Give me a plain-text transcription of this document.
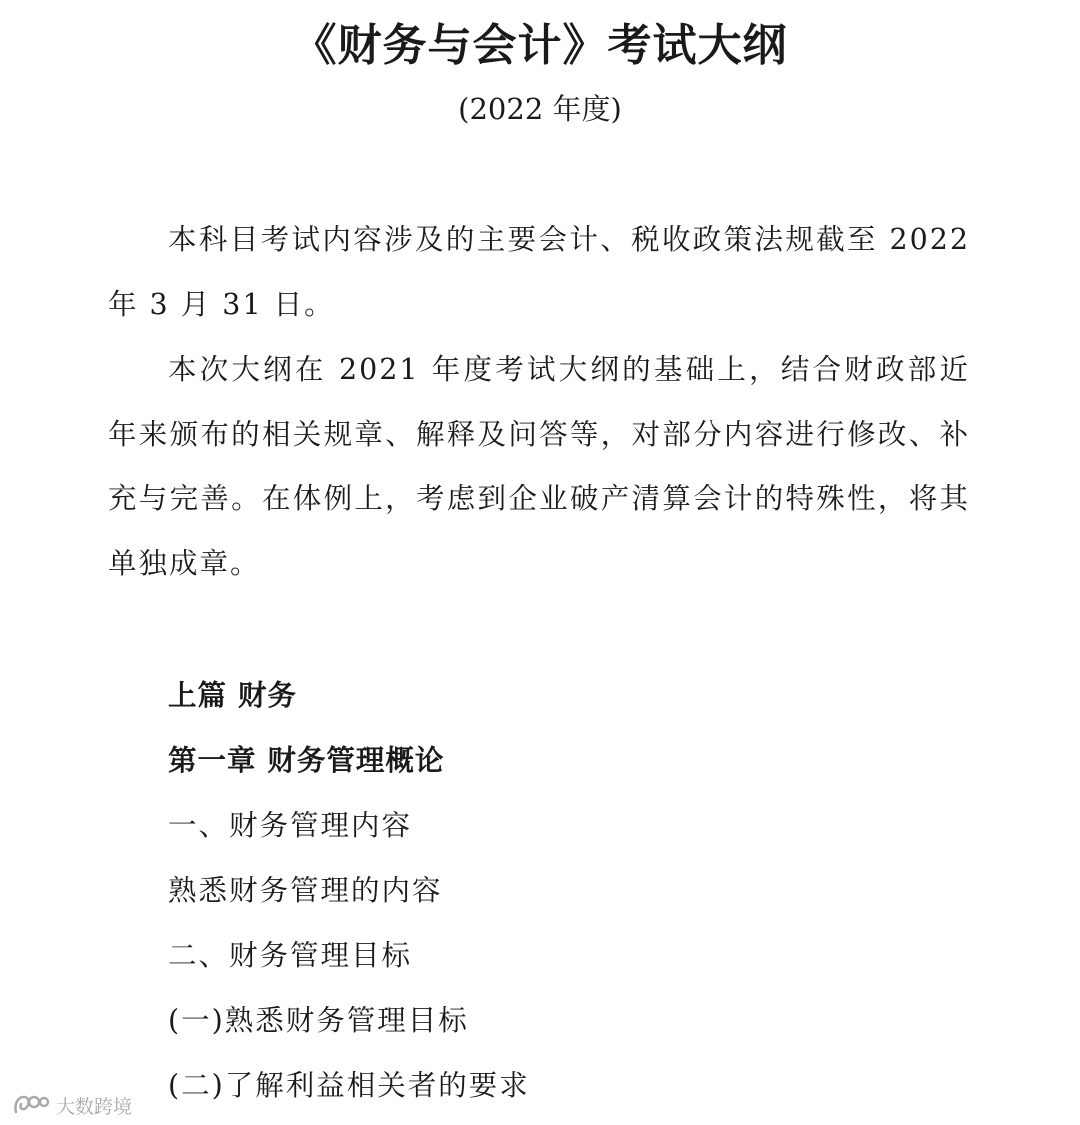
《财务与会计》考试大纲
(2022 年度)

本科目考试内容涉及的主要会计、税收政策法规截至 2022 年 3 月 31 日。

本次大纲在 2021 年度考试大纲的基础上，结合财政部近年来颁布的相关规章、解释及问答等，对部分内容进行修改、补充与完善。在体例上，考虑到企业破产清算会计的特殊性，将其单独成章。

上篇 财务
第一章 财务管理概论
一、财务管理内容
熟悉财务管理的内容
二、财务管理目标
(一)熟悉财务管理目标
(二)了解利益相关者的要求
大数跨境
